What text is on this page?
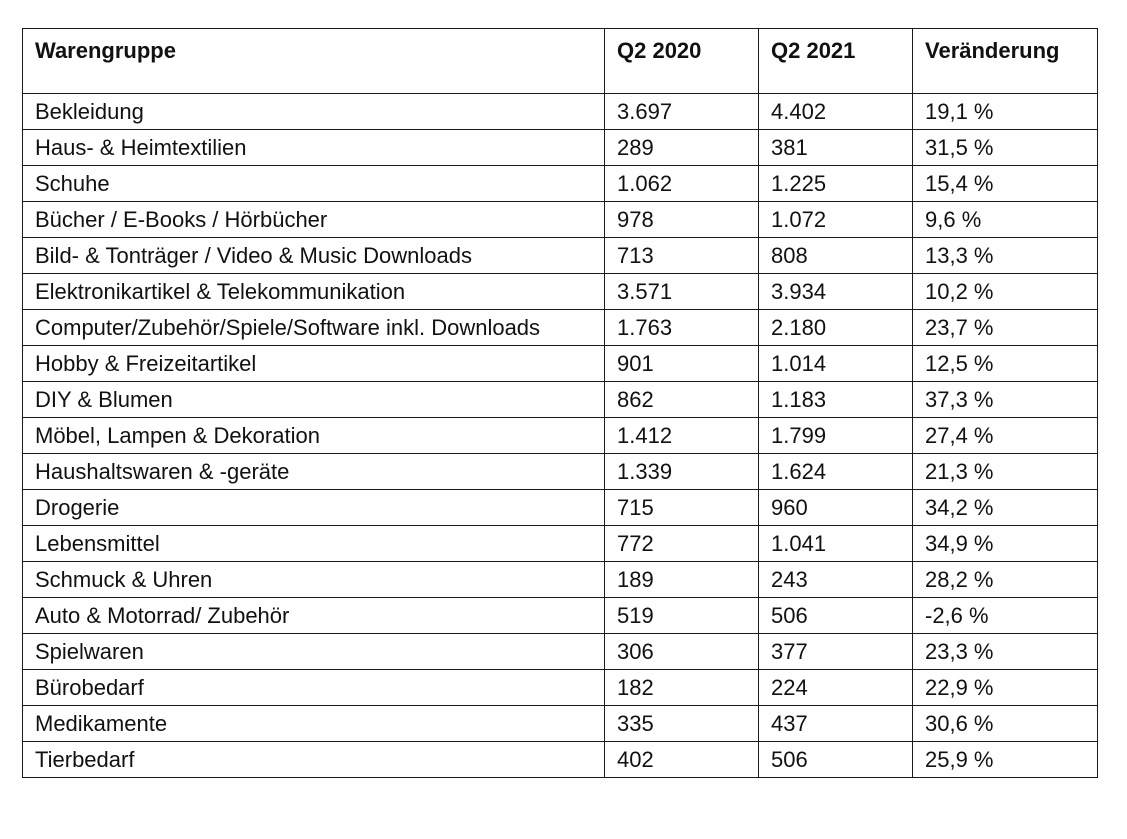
Warengruppe	Q2 2020	Q2 2021	Veränderung
Bekleidung	3.697	4.402	19,1 %
Haus- & Heimtextilien	289	381	31,5 %
Schuhe	1.062	1.225	15,4 %
Bücher / E-Books / Hörbücher	978	1.072	9,6 %
Bild- & Tonträger / Video & Music Downloads	713	808	13,3 %
Elektronikartikel & Telekommunikation	3.571	3.934	10,2 %
Computer/Zubehör/Spiele/Software inkl. Downloads	1.763	2.180	23,7 %
Hobby & Freizeitartikel	901	1.014	12,5 %
DIY & Blumen	862	1.183	37,3 %
Möbel, Lampen & Dekoration	1.412	1.799	27,4 %
Haushaltswaren & -geräte	1.339	1.624	21,3 %
Drogerie	715	960	34,2 %
Lebensmittel	772	1.041	34,9 %
Schmuck & Uhren	189	243	28,2 %
Auto & Motorrad/ Zubehör	519	506	-2,6 %
Spielwaren	306	377	23,3 %
Bürobedarf	182	224	22,9 %
Medikamente	335	437	30,6 %
Tierbedarf	402	506	25,9 %
